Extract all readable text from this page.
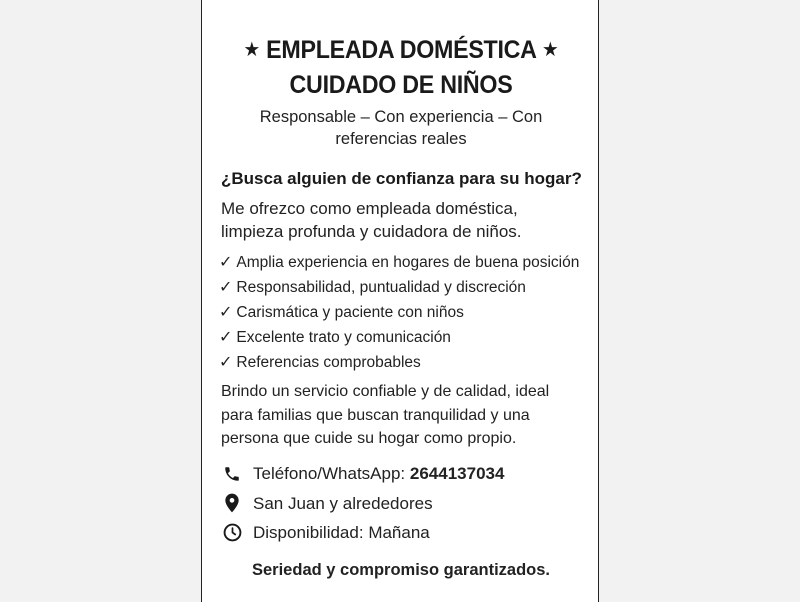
★ EMPLEADA DOMÉSTICA ★
CUIDADO DE NIÑOS
Responsable – Con experiencia – Con referencias reales
¿Busca alguien de confianza para su hogar?
Me ofrezco como empleada doméstica,
limpieza profunda y cuidadora de niños.
✓ Amplia experiencia en hogares de buena posición
✓ Responsabilidad, puntualidad y discreción
✓ Carismática y paciente con niños
✓ Excelente trato y comunicación
✓ Referencias comprobables
Brindo un servicio confiable y de calidad, ideal
para familias que buscan tranquilidad y una
persona que cuide su hogar como propio.
Teléfono/WhatsApp:
2644137034
San Juan y alrededores
Disponibilidad:
Mañana
Seriedad y compromiso garantizados.
